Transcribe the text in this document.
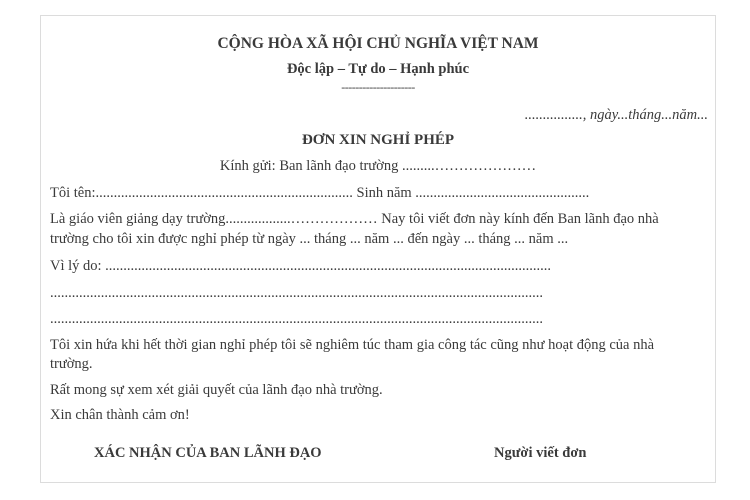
CỘNG HÒA XÃ HỘI CHỦ NGHĨA VIỆT NAM
Độc lập – Tự do – Hạnh phúc
---------------------
................, ngày...tháng...năm...
ĐƠN XIN NGHỈ PHÉP
Kính gửi: Ban lãnh đạo trường .........…………………
Tôi tên:....................................................................... Sinh năm ................................................
Là giáo viên giảng dạy trường..................……………… Nay tôi viết đơn này kính đến Ban lãnh đạo nhà
trường cho tôi xin được nghỉ phép từ ngày ... tháng ... năm ... đến ngày ... tháng ... năm ...
Vì lý do: ...........................................................................................................................
........................................................................................................................................
........................................................................................................................................
Tôi xin hứa khi hết thời gian nghỉ phép tôi sẽ nghiêm túc tham gia công tác cũng như hoạt động của nhà
trường.
Rất mong sự xem xét giải quyết của lãnh đạo nhà trường.
Xin chân thành cảm ơn!
XÁC NHẬN CỦA BAN LÃNH ĐẠO	Người viết đơn
